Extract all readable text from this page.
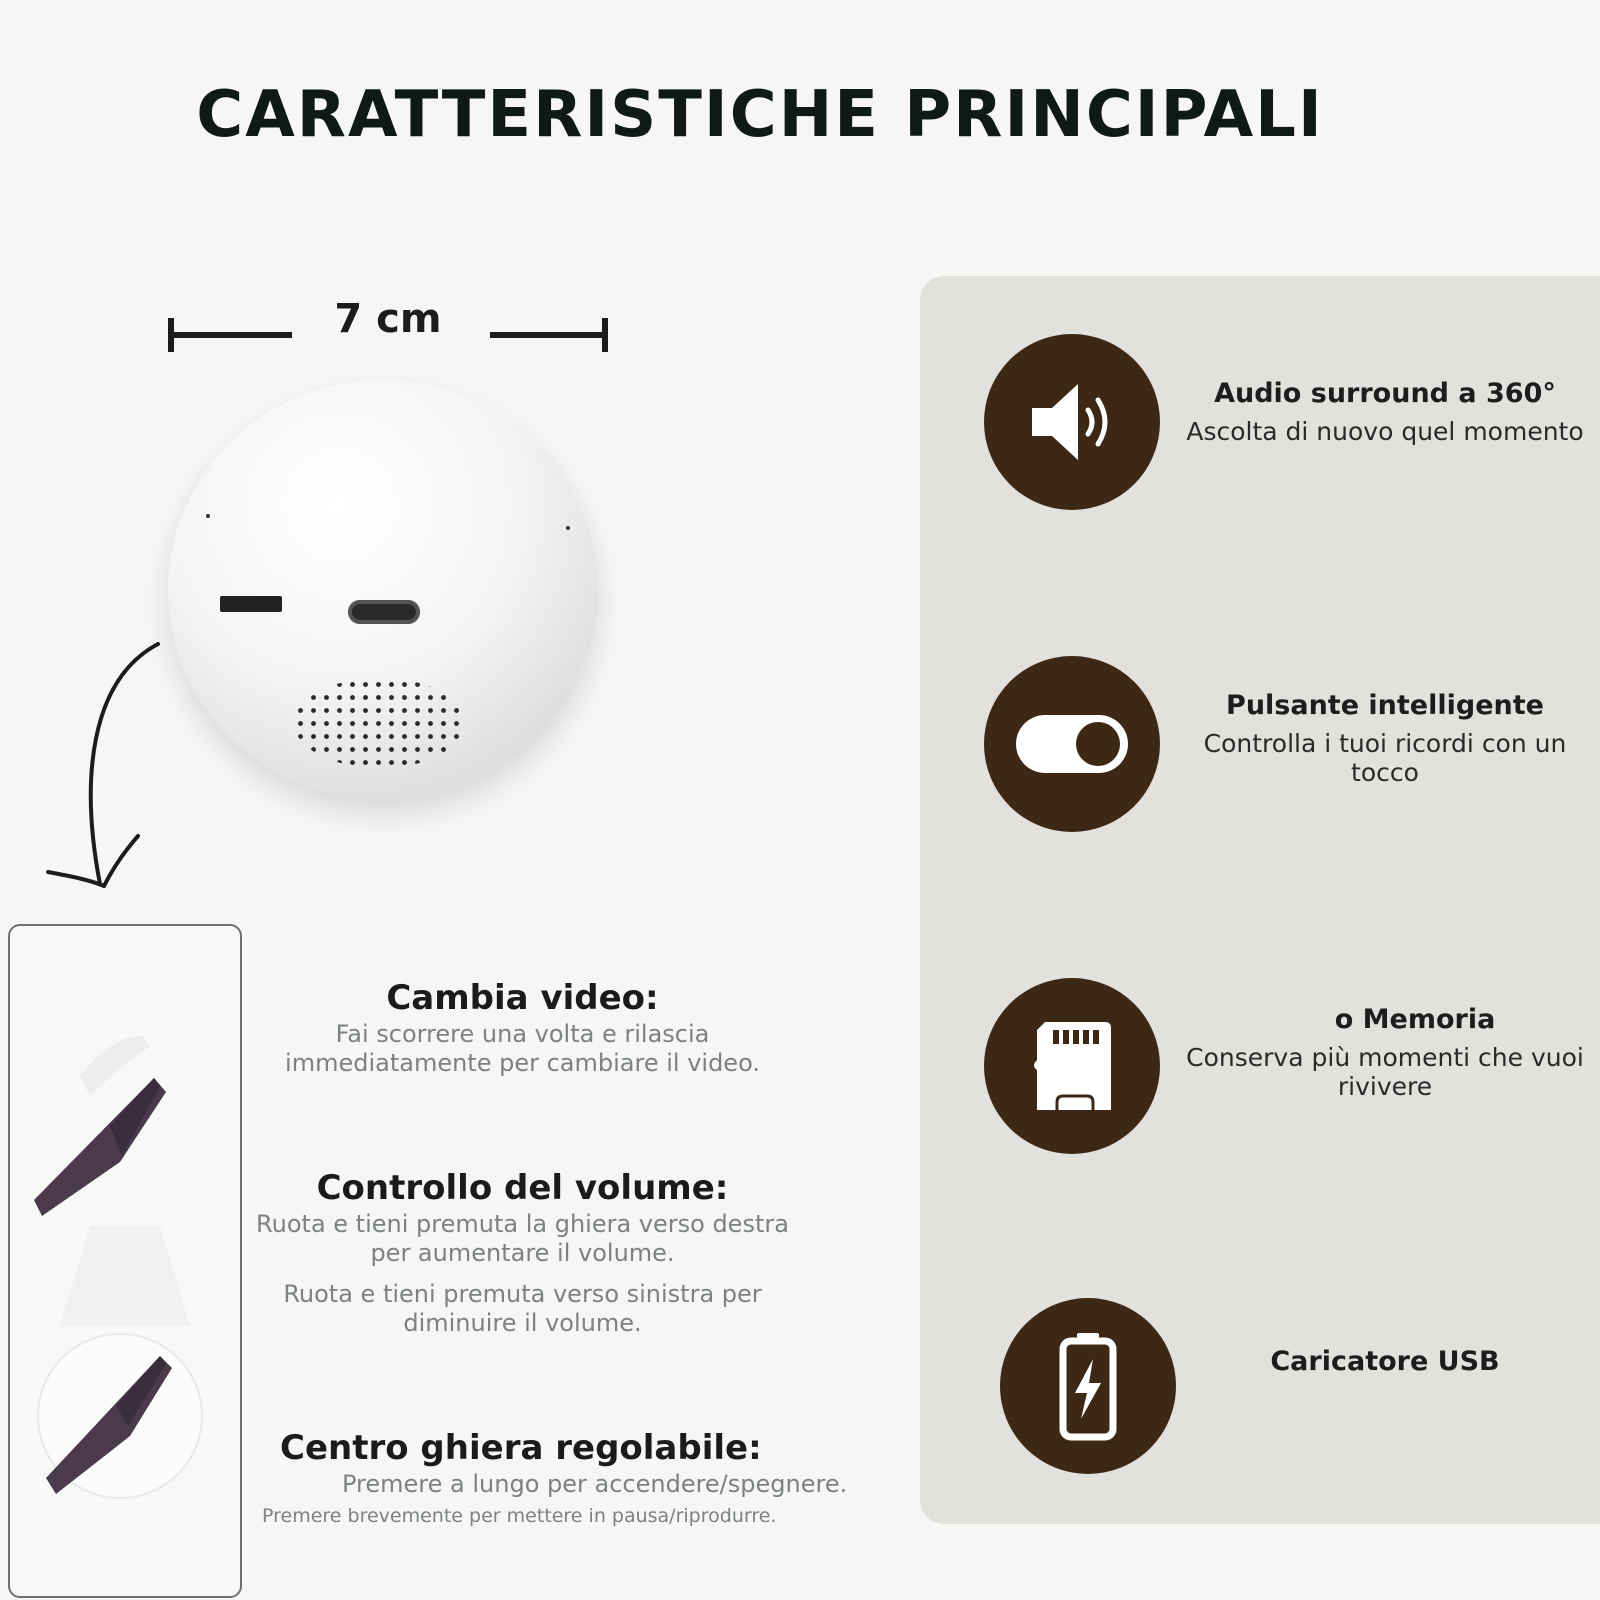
CARATTERISTICHE PRINCIPALI
7 cm
Cambia video:

Fai scorrere una volta e rilascia immediatamente per cambiare il video.

Controllo del volume:

Ruota e tieni premuta la ghiera verso destra per aumentare il volume.

Ruota e tieni premuta verso sinistra per diminuire il volume.

Centro ghiera regolabile:

Premere a lungo per accendere/spegnere.

Premere brevemente per mettere in pausa/riprodurre.

Audio surround a 360°

Ascolta di nuovo quel momento

Pulsante intelligente

Controlla i tuoi ricordi con un tocco

o Memoria

Conserva più momenti che vuoi rivivere

Caricatore USB
